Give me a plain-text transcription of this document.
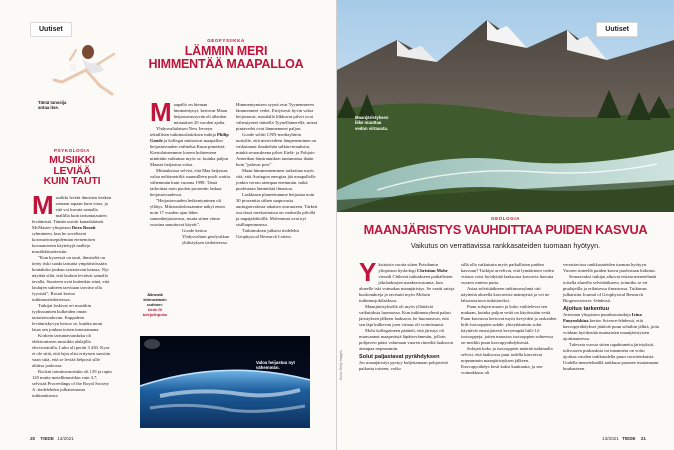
Uutiset
Tämä tanssija
antaa itse.
PSYKOLOGIA
MUSIIKKI LEVIÄÄ
KUIN TAUTI
M usiikki leviää ihmisten kesken samaan tapaan kuin virus, ja sitä voi kuvata samalla mallilla kuin tartuntatautien leviämistä. Tämän osoitti kanadalaisen McMaster-yliopiston Dora Rosati ryhmineen, kun he soveltavat koronavirusepidemian etenemisen kuvaamiseen käytettyjä malleja musiikkituotteisiin.
”Kun kyseessä on tauti, ihmiseltä on tietty riski saada tartunta ympäristössään kontaktiin jonkun sairastavan kanssa. Nyt näyttää siltä, että lauluin leviävät samalla tavalla. Suurieen ovat kuitenkin siinä, että laulujen suhteen tarvitaan tarvitse olla fyysistä”, Rosati kertoo tutkimustiedotteessa.
Tutkijat laskivat eri musiikin tyylisuuntien kulkeiden oman tartuttavuuluvun. Kappaleen leviämiskyvyn kertoo se, kuinka moni lataa sen jonkun toisen innostamana.
Korkein tartuntavuusluku oli elektroniseen musiikin alalajilla electronicalla. Luku oli peräti 3 430. Kyse ei ole siitä, että lajia olisi erityisen suosittu vaan siitä, että se leviää helposti sille alttiisa joukossa.
Rockin tartuttuvuusluku oli 129 ja rapin 120 mutta metallimusiikin vain 3,7, selvisää Proceedings of the Royal Society A -tiedelehden julkaisemasta tutkimuksesta.
GEOFYSIIKKA
LÄMMIN MERI
HIMMENTÄÄ MAAPALLOA
M aapallo on hieman himmentynyt, kertovat Maan heijastavuuryvän eli albedon mittaukset 20 vuoden ajalta.
Yhdysvaltalaisen New Jerseyn teknillisen tutkimuslaitoksen tutkija Philip Goode ja kollegat mittasivat maapallon heijastavuuden vaihtelua Kuun pimeästä. Kiertolaineemme loseen hohteeseen nimittäin vaikuttaa myös se, kuinka paljon Maasta heijastuu valoa.
Mittauksissa selvisi, että Maa heijastaa valoa neliömetriltä suunnilleen puoli wattia vähemmän kuin vuonna 1998. Tämä tarkoittaa noin puolen prosentin laskua heijastavuudessa.
”Heijastavuuden heikentyminen oli yllätys. Mittaustiedossamme näkyi ensin noin 17 vuoden ajan lähes samanheijastavuus, mutta sitten viime vuosina muuttuvat käyrät”,
Goode kertoo Yhdysvaltain geofysiikan yhdistyksen tiedotteessa.
Himmentymisen syynä ovat Tyynenmeren lämmenneet vedet. Erityisesti hyvin valoa heijastavat, matalalla lilkkuvat pilvet ovat vähentyneet itäisellä Tyynellämerellä, missä pintavedet ovat lämmenneet paljon.
Goode selitti CNN-mediayhtiön uutisille, että merivedeen lämpeneminen on vaikuttanut ilmakehän sulkiuvirtauksiin, minkä seurauksena pilvet Etelä- ja Pohjois-Amerikan länsirannikon tuntumassa ikään kuin ”palavat pois”.
Maan himmenneminen tarkoittaa myös sitä, että Auringon energiaa jää maapallolle jonkin verran aiempaa enemmän, mikä puolestaan lämmittää ilmastoa.
Laskkiaan planeettamme heijastaa noin 30 prosenttia siihen saapuvasta auringonvalosta takaisin avaruuteen. Tärkeä osa tässä merkoinnissa on vaalealla pilvillä ja napajäätiköillä. Molemmat ovat nyt sisilhupenneassa.
Tutkimuksen julkaisi tiedelehti Geophysical Research Letters.
Äänestä
kiinnostavin
uutinen:
tiede.fi/
tulejulkipoku
Valoa heijastuu nyt
vähemmän.
20 TIEDE 13/2021
Uutiset
Maanjäristyksen
liike muuttaa
vedon virtausta.
GEOLOGIA
MAANJÄRISTYS VAUHDITTAA PUIDEN KASVUA
Vaikutus on verrattavissa rankkasateiden tuomaan hyötyyn.
Kuva: Getty Images
Y ksitoista vuotta sitten Potsdamin yliopiston hydrologi Christian Mohr vieraili Chilessä tutkiakseen paikallisten jokilaaksojen maakerrostumia, kun alueelle iski voimakas maanjäristys. Se vaatti satoja kuolonuhreja ja ravisutti myös Mohrin tutkimusjokilaaksoa.
Maanjäristyksellä oli myös yllättäviä vaikutuksia luonnossa. Kun tutkimusryhmä palasi järistyksen jälkeen laaksoon, he huomasivat, että sen läpi kulkevan joen virtaus oli voimistunut.
Mohr kollegoineen päätteli, että järistys oli muuvannut maaperästä läpäisevämmän, jolloin pohjavesi pääsi valumaan vuoren rinteiltä laaksoon aiempaa nopeammin.
Solut paljastavat pyrähdyksen
Jos maanjäristys pystyy kuljettamaan pohjavettä paikasta toiseen, voiko
sillä olla vaikutusta myös paikallisten puiden kasvuun? Tutkijat arvelivat, että lymäärinen veden virtaus voisi hyödyttää laaksossa kasvavia havutia vuoren rinteen puita.
Asiaa selvittääkseen tutkimusryhmä otti näytteitä alueella kasvavista männyistä ja vei ne laboratorioon tutkittaviksi.
Puun solujen muoto ja koko vaihtelevat sen mukaan, kuinka paljon vettä on käytössään vettä. Puun kasvussa kertovat myös kevyiden ja raskaiden hiili-isotooppien suhde: yhteyttämisän solut käyttävät ensisijaisesti kevyempää hiili-12-isotooppeja, jotten muoutos isotooppien suhteessa on merkki puun kasvupyrähdyksestä.
Solujen koko ja isotooppien määrää tutkimalla selvisi, että laaksossa puut todella kasvoivat nopeammin maanjäristyksen jälkeen. Kasvupyrähdys kesti kaksi kuukautta, ja sen voimakkuus oli
verrattavissa rankkasateiden tuoman hyötyyn. Vuoren rinteellä puiden kasvu puolestaan hidastui.
Seuraavaksi tutkijat aikovat testata menetelmää toisella alueella selvittääkseen, toimiiko se eri puulajeilla ja erilaisessa ilmastossa. Tutkimus julkaistiin Journal of Geophysical Research Biogeosciences -lehdessä.
Ajoitus tarkentuu
Arizonan yliopiston puunlustotutkija Irina Panyushkina kertoo Science-lehdessä, että kasvupyrähdykset jättävät puun soluihin jälkiä, joita voidaan hyödyntää muinaisten maanjäristysten ajoittamisessa.
Tulevaia vuosia sitten tapahtuneita järistyksiä, tulivuoren purkauksia tai tunamieta on voitu ajoittaa vuoden tarkkuudella puun vuosirenkaista. Uudella menetelmällä tarkkuus paranee muutamaan kuukauteen.
13/2021 TIEDE 21
